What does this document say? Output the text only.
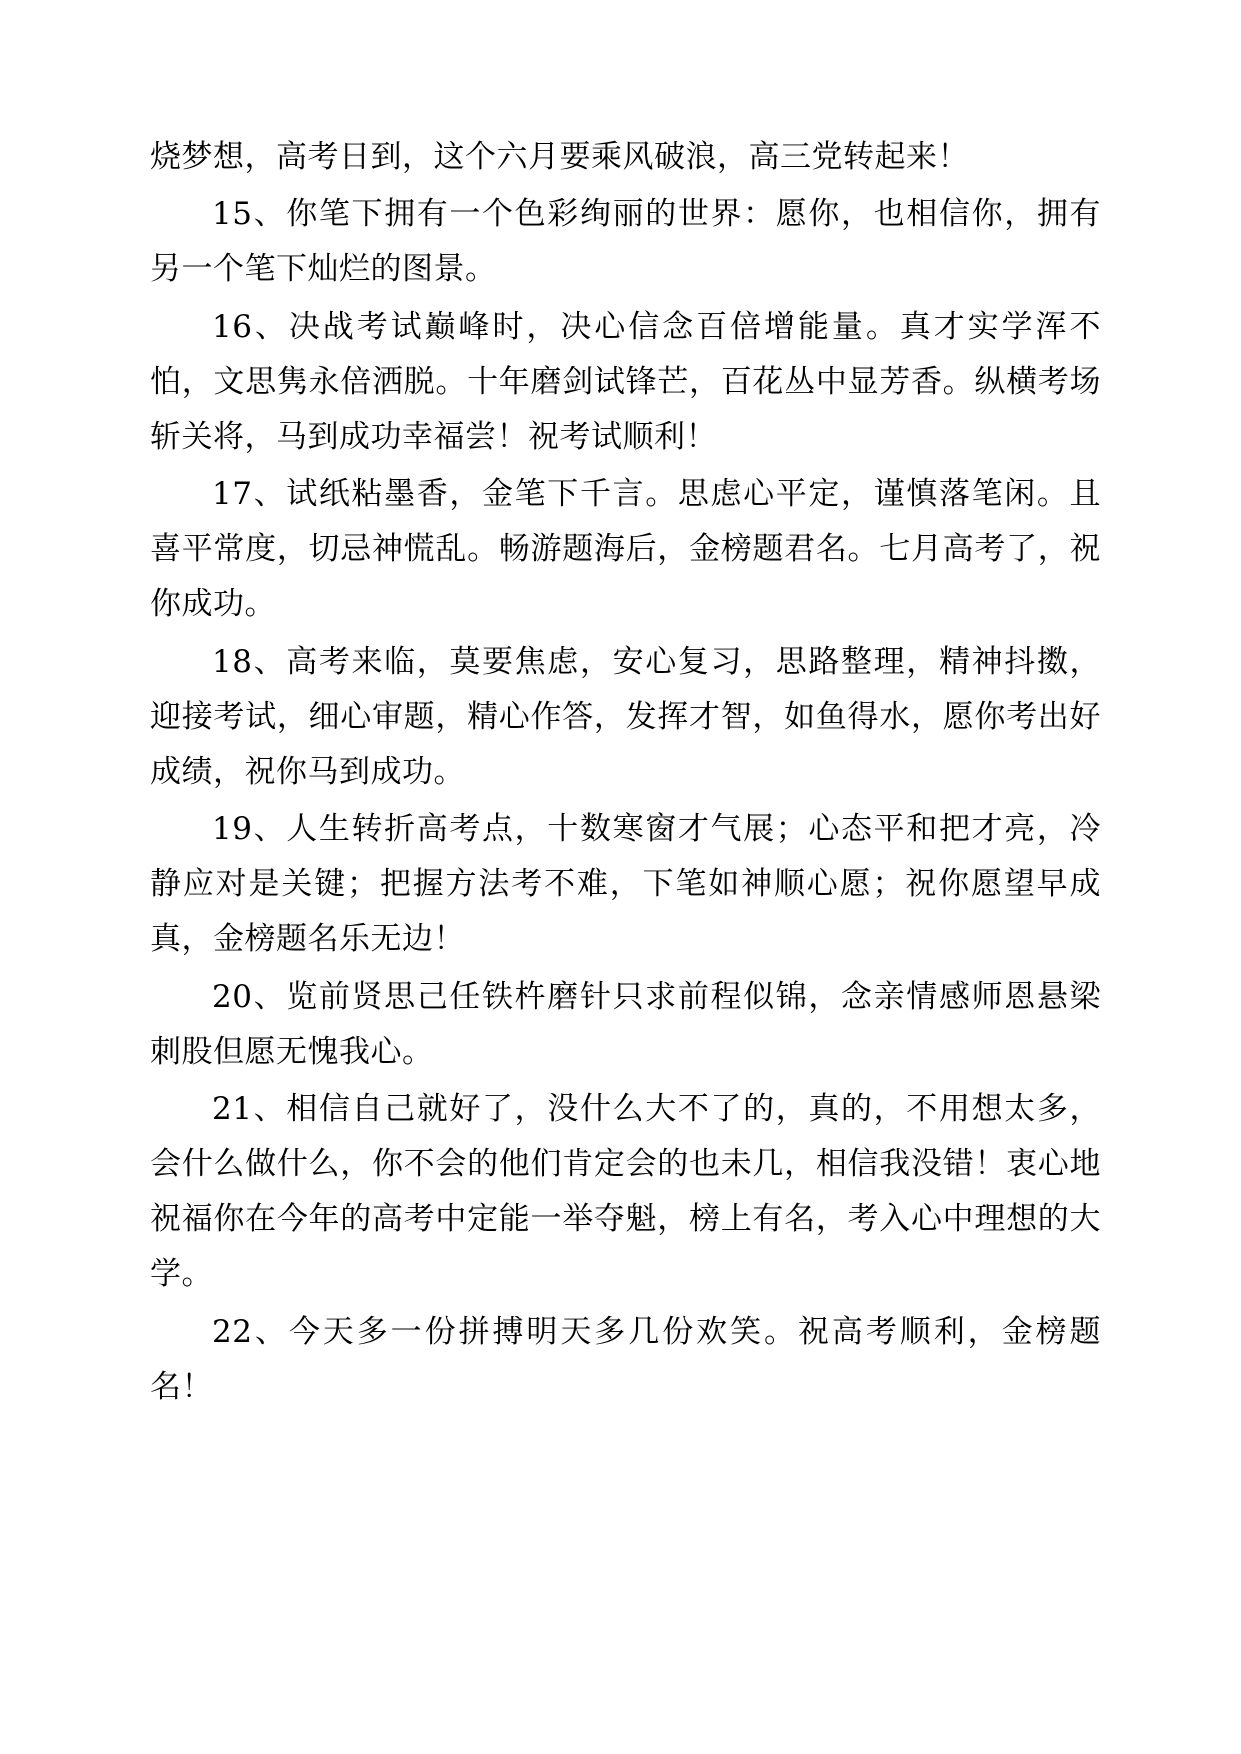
烧梦想，高考日到，这个六月要乘风破浪，高三党转起来！

15、你笔下拥有一个色彩绚丽的世界：愿你，也相信你，拥有另一个笔下灿烂的图景。

16、决战考试巅峰时，决心信念百倍增能量。真才实学浑不怕，文思隽永倍洒脱。十年磨剑试锋芒，百花丛中显芳香。纵横考场斩关将，马到成功幸福尝！祝考试顺利！

17、试纸粘墨香，金笔下千言。思虑心平定，谨慎落笔闲。且喜平常度，切忌神慌乱。畅游题海后，金榜题君名。七月高考了，祝你成功。

18、高考来临，莫要焦虑，安心复习，思路整理，精神抖擞，迎接考试，细心审题，精心作答，发挥才智，如鱼得水，愿你考出好成绩，祝你马到成功。

19、人生转折高考点，十数寒窗才气展；心态平和把才亮，冷静应对是关键；把握方法考不难，下笔如神顺心愿；祝你愿望早成真，金榜题名乐无边！

20、览前贤思己任铁杵磨针只求前程似锦，念亲情感师恩悬梁刺股但愿无愧我心。

21、相信自己就好了，没什么大不了的，真的，不用想太多，会什么做什么，你不会的他们肯定会的也未几，相信我没错！衷心地祝福你在今年的高考中定能一举夺魁，榜上有名，考入心中理想的大学。

22、今天多一份拼搏明天多几份欢笑。祝高考顺利，金榜题名！
